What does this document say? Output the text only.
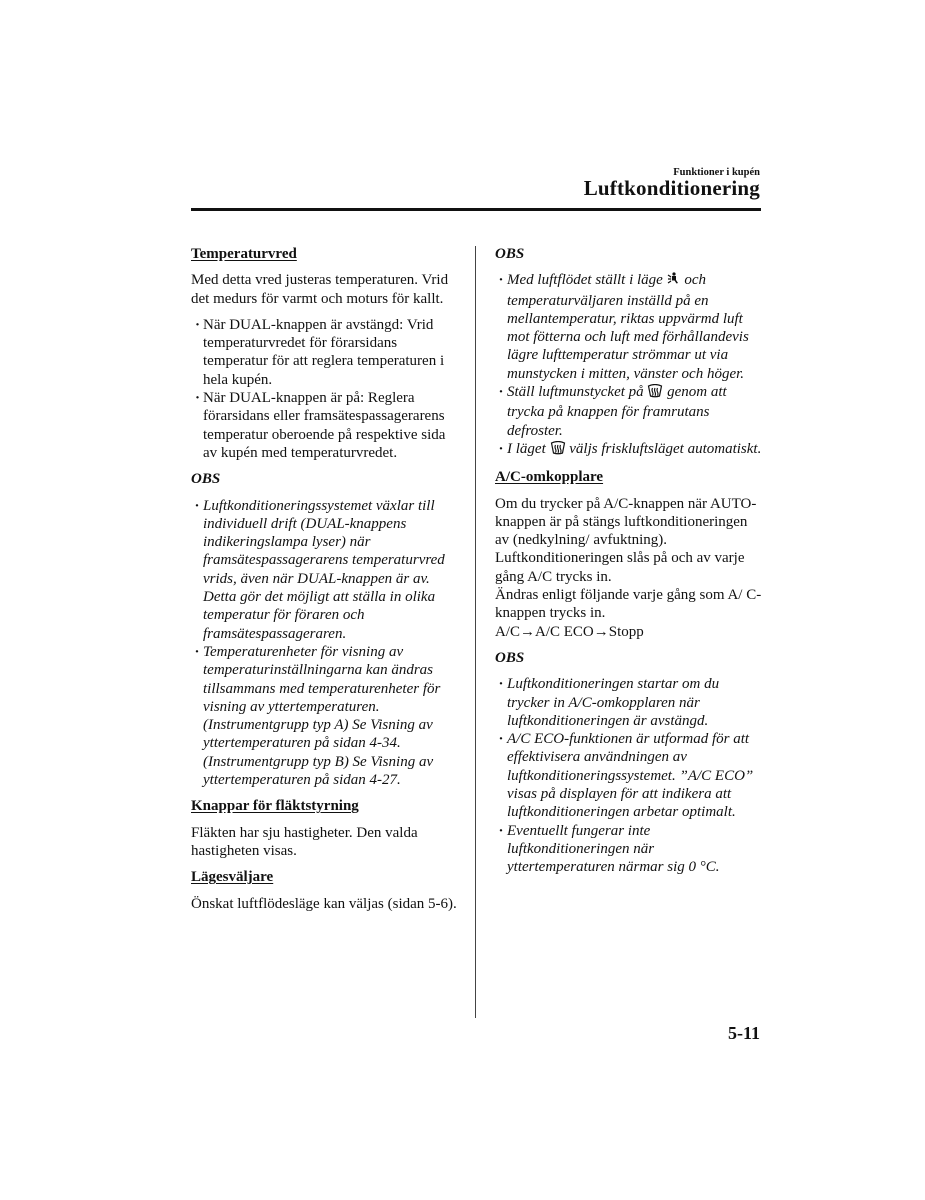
Funktioner i kupén
Luftkonditionering
Temperaturvred

Med detta vred justeras temperaturen. Vrid det medurs för varmt och moturs för kallt.

· När DUAL-knappen är avstängd: Vrid temperaturvredet för förarsidans temperatur för att reglera temperaturen i hela kupén.
· När DUAL-knappen är på: Reglera förarsidans eller framsätespassagerarens temperatur oberoende på respektive sida av kupén med temperaturvredet.
OBS
· Luftkonditioneringssystemet växlar till individuell drift (DUAL-knappens indikeringslampa lyser) när framsätespassagerarens temperaturvred vrids, även när DUAL-knappen är av. Detta gör det möjligt att ställa in olika temperatur för föraren och framsätespassageraren.
· Temperaturenheter för visning av temperaturinställningarna kan ändras tillsammans med temperaturenheter för visning av yttertemperaturen. (Instrumentgrupp typ A) Se Visning av yttertemperaturen på sidan 4-34. (Instrumentgrupp typ B) Se Visning av yttertemperaturen på sidan 4-27.
Knappar för fläktstyrning

Fläkten har sju hastigheter. Den valda hastigheten visas.

Lägesväljare

Önskat luftflödesläge kan väljas (sidan 5-6).

OBS
· Med luftflödet ställt i läge och temperaturväljaren inställd på en mellantemperatur, riktas uppvärmd luft mot fötterna och luft med förhållandevis lägre lufttemperatur strömmar ut via munstycken i mitten, vänster och höger.
· Ställ luftmunstycket på genom att trycka på knappen för framrutans defroster.
· I läget väljs friskluftsläget automatiskt.
A/C-omkopplare
Om du trycker på A/C-knappen när AUTO-knappen är på stängs luftkonditioneringen av (nedkylning/ avfuktning).
Luftkonditioneringen slås på och av varje gång A/C trycks in.
Ändras enligt följande varje gång som A/ C-knappen trycks in.
A/C→A/C ECO→Stopp
OBS
· Luftkonditioneringen startar om du trycker in A/C-omkopplaren när luftkonditioneringen är avstängd.
· A/C ECO-funktionen är utformad för att effektivisera användningen av luftkonditioneringssystemet. ”A/C ECO” visas på displayen för att indikera att luftkonditioneringen arbetar optimalt.
· Eventuellt fungerar inte luftkonditioneringen när yttertemperaturen närmar sig 0 °C.
5-11
